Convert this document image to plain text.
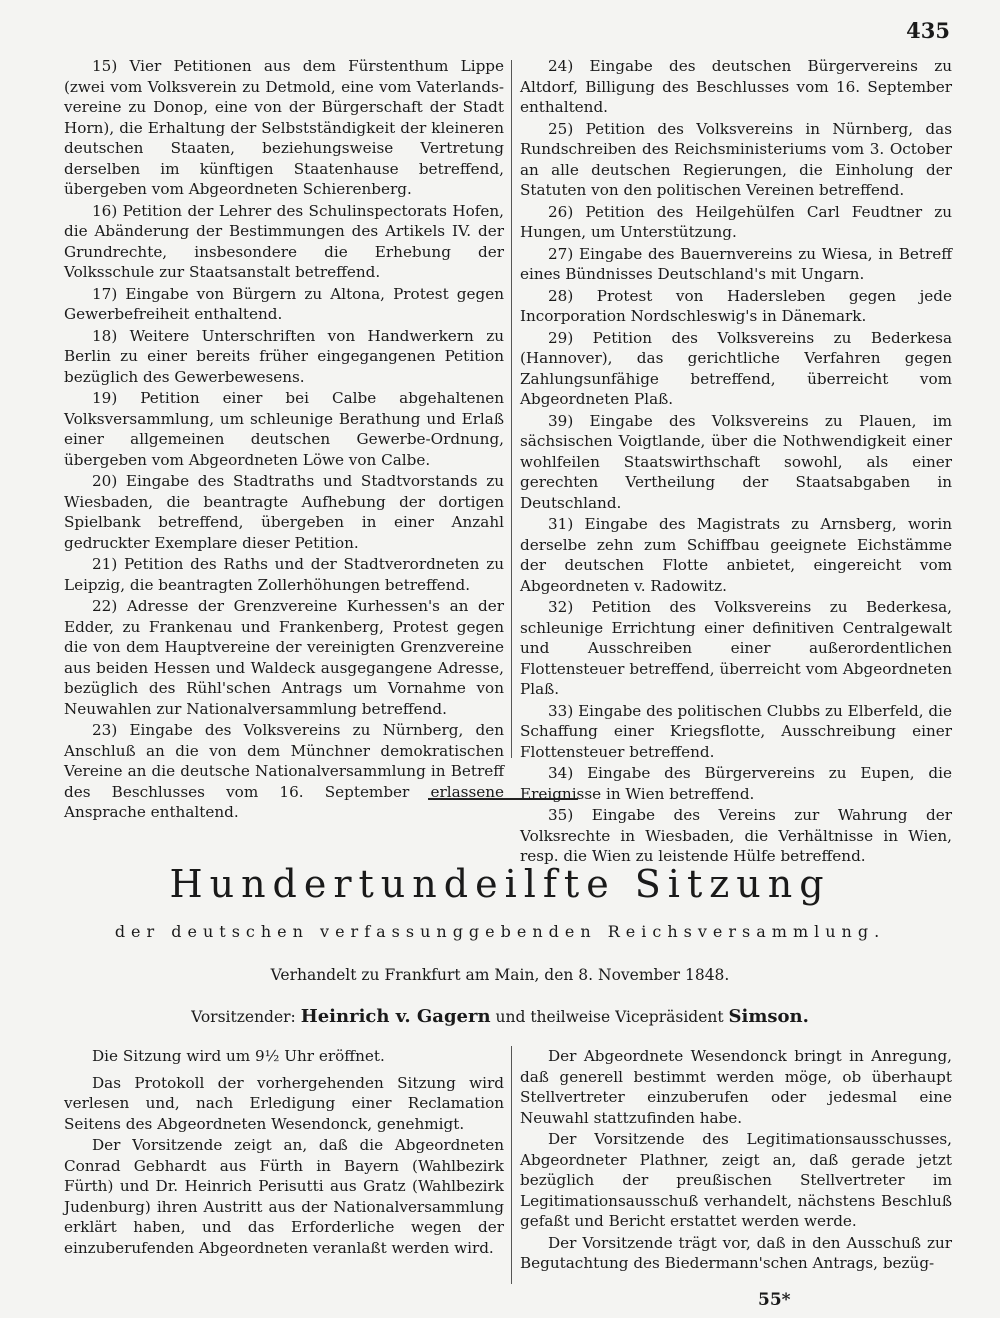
435

15) Vier Petitionen aus dem Fürstenthum Lippe (zwei vom Volksverein zu Detmold, eine vom Vaterlands-vereine zu Donop, eine von der Bürgerschaft der Stadt Horn), die Erhaltung der Selbstständigkeit der kleineren deutschen Staaten, beziehungsweise Vertretung derselben im künftigen Staatenhause betreffend, übergeben vom Abgeordneten Schierenberg.

16) Petition der Lehrer des Schulinspectorats Hofen, die Abänderung der Bestimmungen des Artikels IV. der Grundrechte, insbesondere die Erhebung der Volksschule zur Staatsanstalt betreffend.

17) Eingabe von Bürgern zu Altona, Protest gegen Gewerbefreiheit enthaltend.

18) Weitere Unterschriften von Handwerkern zu Berlin zu einer bereits früher eingegangenen Petition bezüglich des Gewerbewesens.

19) Petition einer bei Calbe abgehaltenen Volksversammlung, um schleunige Berathung und Erlaß einer allgemeinen deutschen Gewerbe-Ordnung, übergeben vom Abgeordneten Löwe von Calbe.

20) Eingabe des Stadtraths und Stadtvorstands zu Wiesbaden, die beantragte Aufhebung der dortigen Spielbank betreffend, übergeben in einer Anzahl gedruckter Exemplare dieser Petition.

21) Petition des Raths und der Stadtverordneten zu Leipzig, die beantragten Zollerhöhungen betreffend.

22) Adresse der Grenzvereine Kurhessen's an der Edder, zu Frankenau und Frankenberg, Protest gegen die von dem Hauptvereine der vereinigten Grenzvereine aus beiden Hessen und Waldeck ausgegangene Adresse, bezüglich des Rühl'schen Antrags um Vornahme von Neuwahlen zur Nationalversammlung betreffend.

23) Eingabe des Volksvereins zu Nürnberg, den Anschluß an die von dem Münchner demokratischen Vereine an die deutsche Nationalversammlung in Betreff des Beschlusses vom 16. September erlassene Ansprache enthaltend.

24) Eingabe des deutschen Bürgervereins zu Altdorf, Billigung des Beschlusses vom 16. September enthaltend.

25) Petition des Volksvereins in Nürnberg, das Rundschreiben des Reichsministeriums vom 3. October an alle deutschen Regierungen, die Einholung der Statuten von den politischen Vereinen betreffend.

26) Petition des Heilgehülfen Carl Feudtner zu Hungen, um Unterstützung.

27) Eingabe des Bauernvereins zu Wiesa, in Betreff eines Bündnisses Deutschland's mit Ungarn.

28) Protest von Hadersleben gegen jede Incorporation Nordschleswig's in Dänemark.

29) Petition des Volksvereins zu Bederkesa (Hannover), das gerichtliche Verfahren gegen Zahlungsunfähige betreffend, überreicht vom Abgeordneten Plaß.

39) Eingabe des Volksvereins zu Plauen, im sächsischen Voigtlande, über die Nothwendigkeit einer wohlfeilen Staatswirthschaft sowohl, als einer gerechten Vertheilung der Staatsabgaben in Deutschland.

31) Eingabe des Magistrats zu Arnsberg, worin derselbe zehn zum Schiffbau geeignete Eichstämme der deutschen Flotte anbietet, eingereicht vom Abgeordneten v. Radowitz.

32) Petition des Volksvereins zu Bederkesa, schleunige Errichtung einer definitiven Centralgewalt und Ausschreiben einer außerordentlichen Flottensteuer betreffend, überreicht vom Abgeordneten Plaß.

33) Eingabe des politischen Clubbs zu Elberfeld, die Schaffung einer Kriegsflotte, Ausschreibung einer Flottensteuer betreffend.

34) Eingabe des Bürgervereins zu Eupen, die Ereignisse in Wien betreffend.

35) Eingabe des Vereins zur Wahrung der Volksrechte in Wiesbaden, die Verhältnisse in Wien, resp. die Wien zu leistende Hülfe betreffend.

Hundertundeilfte Sitzung
der deutschen verfassunggebenden Reichsversammlung.
Verhandelt zu Frankfurt am Main, den 8. November 1848.
Vorsitzender: Heinrich v. Gagern und theilweise Vicepräsident Simson.

Die Sitzung wird um 9½ Uhr eröffnet.

Das Protokoll der vorhergehenden Sitzung wird verlesen und, nach Erledigung einer Reclamation Seitens des Abgeordneten Wesendonck, genehmigt.

Der Vorsitzende zeigt an, daß die Abgeordneten Conrad Gebhardt aus Fürth in Bayern (Wahlbezirk Fürth) und Dr. Heinrich Perisutti aus Gratz (Wahlbezirk Judenburg) ihren Austritt aus der Nationalversammlung erklärt haben, und das Erforderliche wegen der einzuberufenden Abgeordneten veranlaßt werden wird.

Der Abgeordnete Wesendonck bringt in Anregung, daß generell bestimmt werden möge, ob überhaupt Stellvertreter einzuberufen oder jedesmal eine Neuwahl stattzufinden habe.

Der Vorsitzende des Legitimationsausschusses, Abgeordneter Plathner, zeigt an, daß gerade jetzt bezüglich der preußischen Stellvertreter im Legitimationsausschuß verhandelt, nächstens Beschluß gefaßt und Bericht erstattet werden werde.

Der Vorsitzende trägt vor, daß in den Ausschuß zur Begutachtung des Biedermann'schen Antrags, bezüg-

55*
